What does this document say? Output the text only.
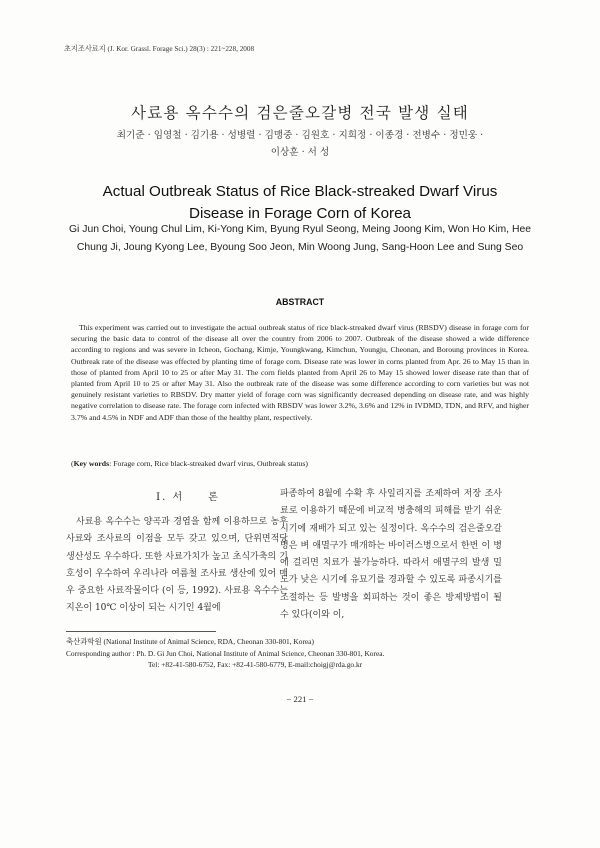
초지조사료지 (J. Kor. Grassl. Forage Sci.) 28(3) : 221~228, 2008
사료용 옥수수의 검은줄오갈병 전국 발생 실태
최기준 · 임영철 · 김기용 · 성병렬 · 김맹중 · 김원호 · 지희정 · 이종경 · 전병수 · 정민웅 ·
이상훈 · 서 성
Actual Outbreak Status of Rice Black-streaked Dwarf Virus
Disease in Forage Corn of Korea
Gi Jun Choi, Young Chul Lim, Ki-Yong Kim, Byung Ryul Seong, Meing Joong Kim, Won Ho Kim, Hee Chung Ji, Joung Kyong Lee, Byoung Soo Jeon, Min Woong Jung, Sang-Hoon Lee and Sung Seo
ABSTRACT
This experiment was carried out to investigate the actual outbreak status of rice black-streaked dwarf virus (RBSDV) disease in forage corn for securing the basic data to control of the disease all over the country from 2006 to 2007. Outbreak of the disease showed a wide difference according to regions and was severe in Icheon, Gochang, Kimje, Youngkwang, Kimchun, Youngju, Cheonan, and Boroung provinces in Korea. Outbreak rate of the disease was effected by planting time of forage corn. Disease rate was lower in corns planted from Apr. 26 to May 15 than in those of planted from April 10 to 25 or after May 31. The corn fields planted from April 26 to May 15 showed lower disease rate than that of planted from April 10 to 25 or after May 31. Also the outbreak rate of the disease was some difference according to corn varieties but was not genuinely resistant varieties to RBSDV. Dry matter yield of forage corn was significantly decreased depending on disease rate, and was highly negative correlation to disease rate. The forage corn infected with RBSDV was lower 3.2%, 3.6% and 12% in IVDMD, TDN, and RFV, and higher 3.7% and 4.5% in NDF and ADF than those of the healthy plant, respectively.
(Key words: Forage corn, Rice black-streaked dwarf virus, Outbreak status)
Ⅰ. 서　　론
사료용 옥수수는 양곡과 경엽을 함께 이용하므로 농후사료와 조사료의 이점을 모두 갖고 있으며, 단위면적당 생산성도 우수하다. 또한 사료가치가 높고 초식가축의 기호성이 우수하여 우리나라 여름철 조사료 생산에 있어 매우 중요한 사료작물이다 (이 등, 1992). 사료용 옥수수는 지온이 10℃ 이상이 되는 시기인 4월에
파종하여 8월에 수확 후 사일리지를 조제하여 저장 조사료로 이용하기 때문에 비교적 병충해의 피해를 받기 쉬운 시기에 재배가 되고 있는 실정이다. 옥수수의 검은줄오갈병은 벼 애멸구가 매개하는 바이러스병으로서 한번 이 병에 걸리면 치료가 불가능하다. 따라서 애멸구의 발생 밀도가 낮은 시기에 유묘기를 경과할 수 있도록 파종시기를 조절하는 등 발병을 회피하는 것이 좋은 방제방법이 될 수 있다(이와 이,
축산과학원 (National Institute of Animal Science, RDA, Cheonan 330-801, Korea)
Corresponding author : Ph. D. Gi Jun Choi, National Institute of Animal Science, Cheonan 330-801, Korea.
Tel: +82-41-580-6752, Fax: +82-41-580-6779, E-mail:choigj@rda.go.kr
− 221 −
